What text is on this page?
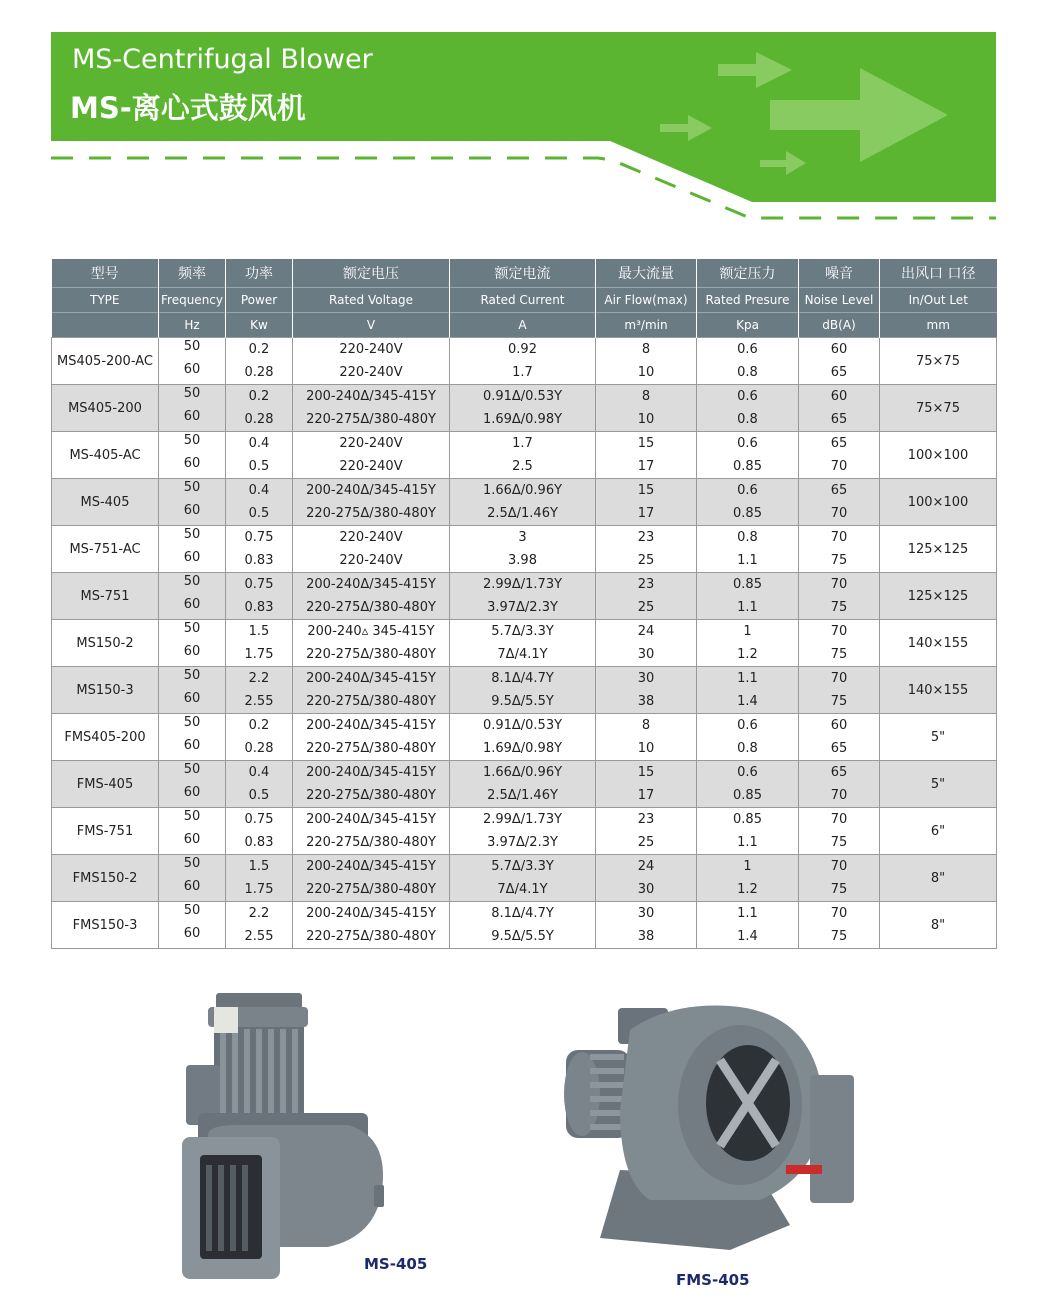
MS-Centrifugal Blower
MS-离心式鼓风机
型号	频率	功率	额定电压	额定电流	最大流量	额定压力	噪音	出风口 口径
TYPE	Frequency	Power	Rated Voltage	Rated Current	Air Flow(max)	Rated Presure	Noise Level	In/Out Let
	Hz	Kw	V	A	m³/min	Kpa	dB(A)	mm
MS405-200-AC	50	0.2	220-240V	0.92	8	0.6	60	75×75
	60	0.28	220-240V	1.7	10	0.8	65	
MS405-200	50	0.2	200-240Δ/345-415Y	0.91Δ/0.53Y	8	0.6	60	75×75
	60	0.28	220-275Δ/380-480Y	1.69Δ/0.98Y	10	0.8	65	
MS-405-AC	50	0.4	220-240V	1.7	15	0.6	65	100×100
	60	0.5	220-240V	2.5	17	0.85	70	
MS-405	50	0.4	200-240Δ/345-415Y	1.66Δ/0.96Y	15	0.6	65	100×100
	60	0.5	220-275Δ/380-480Y	2.5Δ/1.46Y	17	0.85	70	
MS-751-AC	50	0.75	220-240V	3	23	0.8	70	125×125
	60	0.83	220-240V	3.98	25	1.1	75	
MS-751	50	0.75	200-240Δ/345-415Y	2.99Δ/1.73Y	23	0.85	70	125×125
	60	0.83	220-275Δ/380-480Y	3.97Δ/2.3Y	25	1.1	75	
MS150-2	50	1.5	200-240▵ 345-415Y	5.7Δ/3.3Y	24	1	70	140×155
	60	1.75	220-275Δ/380-480Y	7Δ/4.1Y	30	1.2	75	
MS150-3	50	2.2	200-240Δ/345-415Y	8.1Δ/4.7Y	30	1.1	70	140×155
	60	2.55	220-275Δ/380-480Y	9.5Δ/5.5Y	38	1.4	75	
FMS405-200	50	0.2	200-240Δ/345-415Y	0.91Δ/0.53Y	8	0.6	60	5"
	60	0.28	220-275Δ/380-480Y	1.69Δ/0.98Y	10	0.8	65	
FMS-405	50	0.4	200-240Δ/345-415Y	1.66Δ/0.96Y	15	0.6	65	5"
	60	0.5	220-275Δ/380-480Y	2.5Δ/1.46Y	17	0.85	70	
FMS-751	50	0.75	200-240Δ/345-415Y	2.99Δ/1.73Y	23	0.85	70	6"
	60	0.83	220-275Δ/380-480Y	3.97Δ/2.3Y	25	1.1	75	
FMS150-2	50	1.5	200-240Δ/345-415Y	5.7Δ/3.3Y	24	1	70	8"
	60	1.75	220-275Δ/380-480Y	7Δ/4.1Y	30	1.2	75	
FMS150-3	50	2.2	200-240Δ/345-415Y	8.1Δ/4.7Y	30	1.1	70	8"
	60	2.55	220-275Δ/380-480Y	9.5Δ/5.5Y	38	1.4	75	
MS-405
FMS-405
